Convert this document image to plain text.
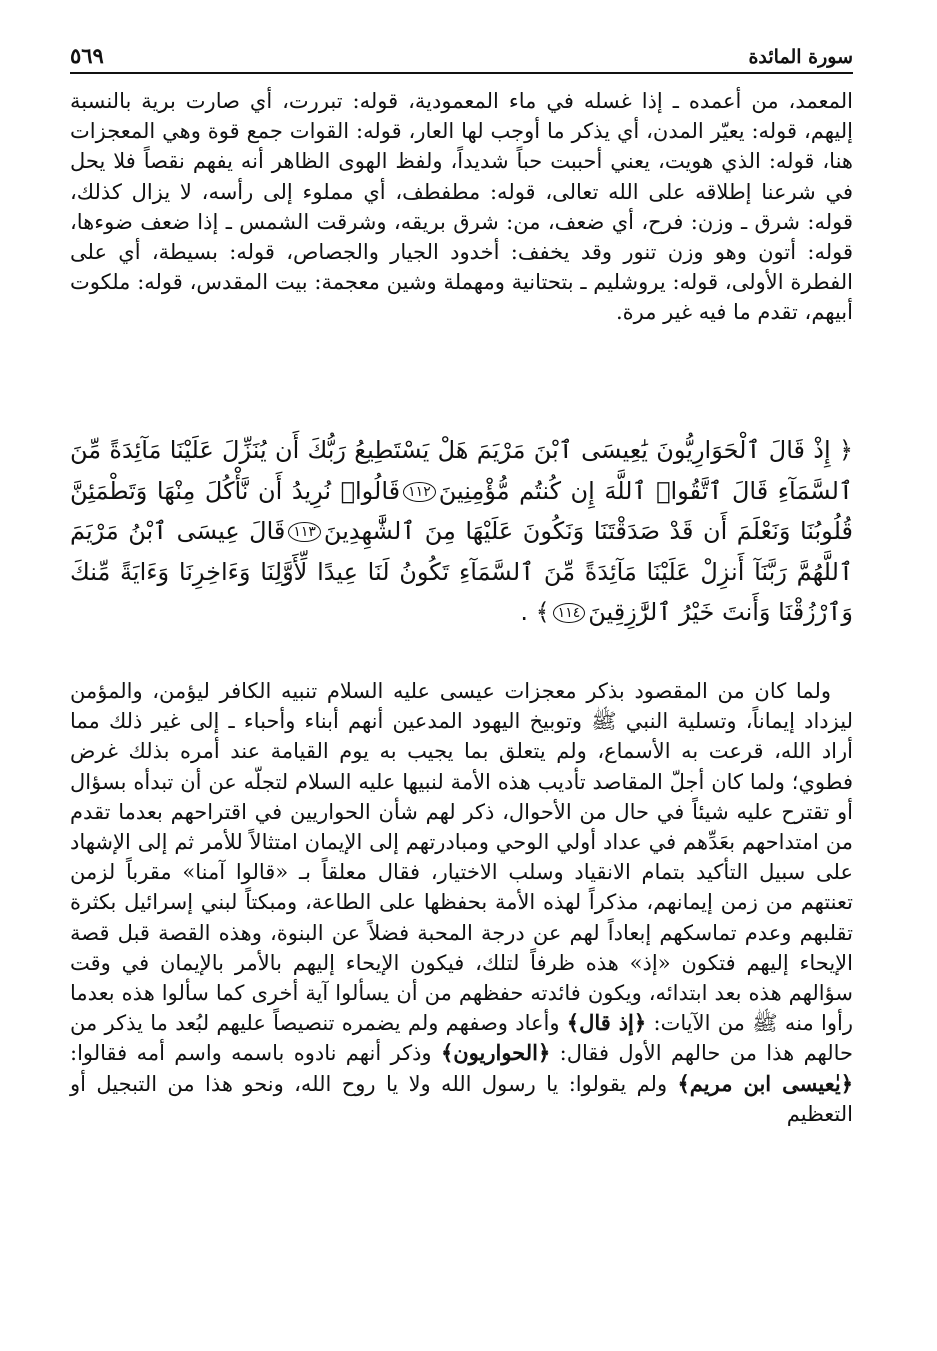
٥٦٩	سورة المائدة

المعمد، من أعمده ـ إذا غسله في ماء المعمودية، قوله: تبررت، أي صارت برية بالنسبة إليهم، قوله: يعيّر المدن، أي يذكر ما أوجب لها العار، قوله: القوات جمع قوة وهي المعجزات هنا، قوله: الذي هويت، يعني أحببت حباً شديداً، ولفظ الهوى الظاهر أنه يفهم نقصاً فلا يحل في شرعنا إطلاقه على الله تعالى، قوله: مطفطف، أي مملوء إلى رأسه، لا يزال كذلك، قوله: شرق ـ وزن: فرح، أي ضعف، من: شرق بريقه، وشرقت الشمس ـ إذا ضعف ضوءها، قوله: أتون وهو وزن تنور وقد يخفف: أخدود الجيار والجصاص، قوله: بسيطة، أي على الفطرة الأولى، قوله: يروشليم ـ بتحتانية ومهملة وشين معجمة: بيت المقدس، قوله: ملكوت أبيهم، تقدم ما فيه غير مرة.

﴿ إِذْ قَالَ ٱلْحَوَارِيُّونَ يَٰعِيسَى ٱبْنَ مَرْيَمَ هَلْ يَسْتَطِيعُ رَبُّكَ أَن يُنَزِّلَ عَلَيْنَا مَآئِدَةً مِّنَ ٱلسَّمَآءِ قَالَ ٱتَّقُوا۟ ٱللَّهَ إِن كُنتُم مُّؤْمِنِينَ١١٢قَالُوا۟ نُرِيدُ أَن نَّأْكُلَ مِنْهَا وَتَطْمَئِنَّ قُلُوبُنَا وَنَعْلَمَ أَن قَدْ صَدَقْتَنَا وَنَكُونَ عَلَيْهَا مِنَ ٱلشَّٰهِدِينَ١١٣قَالَ عِيسَى ٱبْنُ مَرْيَمَ ٱللَّهُمَّ رَبَّنَآ أَنزِلْ عَلَيْنَا مَآئِدَةً مِّنَ ٱلسَّمَآءِ تَكُونُ لَنَا عِيدًا لِّأَوَّلِنَا وَءَاخِرِنَا وَءَايَةً مِّنكَ وَٱرْزُقْنَا وَأَنتَ خَيْرُ ٱلرَّٰزِقِينَ١١٤﴾ .

ولما كان من المقصود بذكر معجزات عيسى عليه السلام تنبيه الكافر ليؤمن، والمؤمن ليزداد إيماناً، وتسلية النبي ﷺ وتوبيخ اليهود المدعين أنهم أبناء وأحباء ـ إلى غير ذلك مما أراد الله، قرعت به الأسماع، ولم يتعلق بما يجيب به يوم القيامة عند أمره بذلك غرض فطوي؛ ولما كان أجلّ المقاصد تأديب هذه الأمة لنبيها عليه السلام لتجلّه عن أن تبدأه بسؤال أو تقترح عليه شيئاً في حال من الأحوال، ذكر لهم شأن الحواريين في اقتراحهم بعدما تقدم من امتداحهم بعَدِّهم في عداد أولي الوحي ومبادرتهم إلى الإيمان امتثالاً للأمر ثم إلى الإشهاد على سبيل التأكيد بتمام الانقياد وسلب الاختيار، فقال معلقاً بـ «قالوا آمنا» مقرباً لزمن تعنتهم من زمن إيمانهم، مذكراً لهذه الأمة بحفظها على الطاعة، ومبكتاً لبني إسرائيل بكثرة تقلبهم وعدم تماسكهم إبعاداً لهم عن درجة المحبة فضلاً عن البنوة، وهذه القصة قبل قصة الإيحاء إليهم فتكون «إذ» هذه ظرفاً لتلك، فيكون الإيحاء إليهم بالأمر بالإيمان في وقت سؤالهم هذه بعد ابتدائه، ويكون فائدته حفظهم من أن يسألوا آية أخرى كما سألوا هذه بعدما رأوا منه ﷺ من الآيات: ﴿إذ قال﴾ وأعاد وصفهم ولم يضمره تنصيصاً عليهم لبُعد ما يذكر من حالهم هذا من حالهم الأول فقال: ﴿الحواريون﴾ وذكر أنهم نادوه باسمه واسم أمه فقالوا: ﴿يٰعيسى ابن مريم﴾ ولم يقولوا: يا رسول الله ولا يا روح الله، ونحو هذا من التبجيل أو التعظيم
